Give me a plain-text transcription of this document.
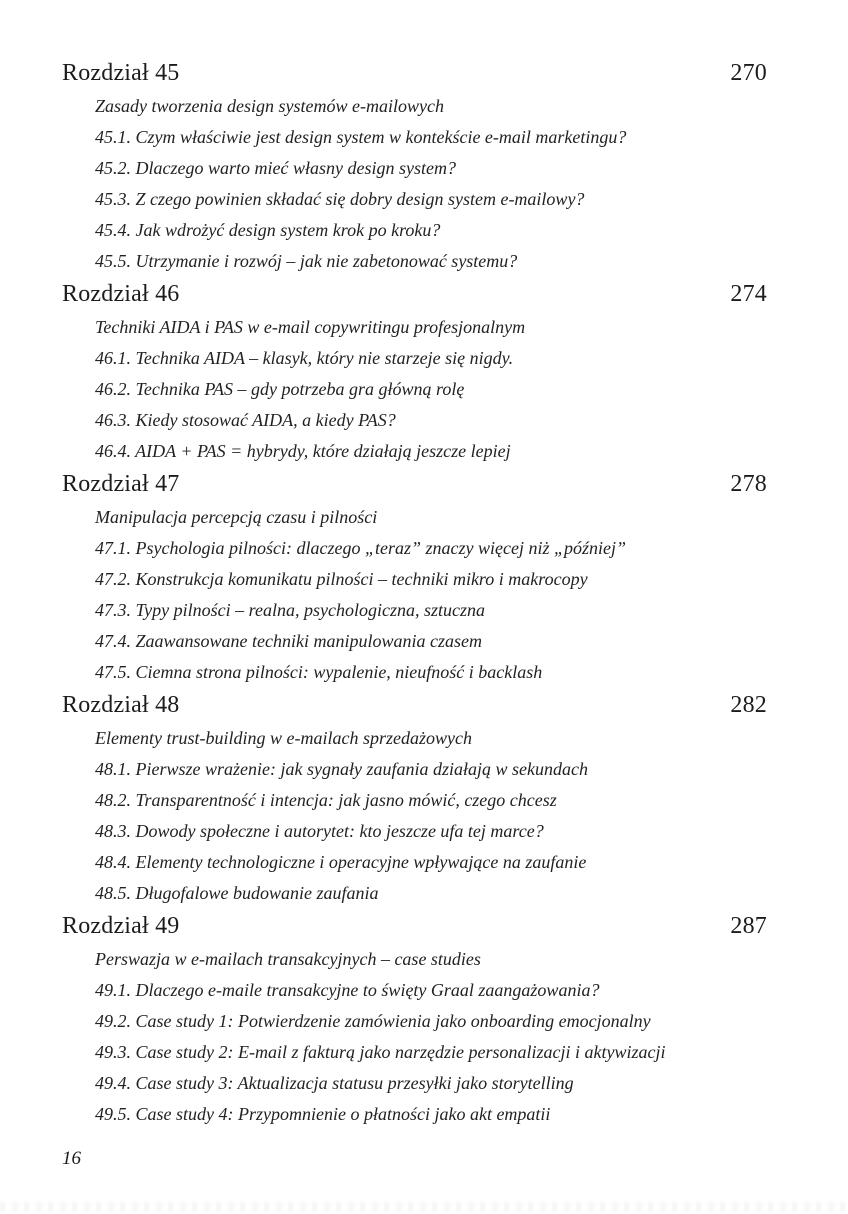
Rozdział 45	270
Zasady tworzenia design systemów e-mailowych
45.1. Czym właściwie jest design system w kontekście e-mail marketingu?
45.2. Dlaczego warto mieć własny design system?
45.3. Z czego powinien składać się dobry design system e-mailowy?
45.4. Jak wdrożyć design system krok po kroku?
45.5. Utrzymanie i rozwój – jak nie zabetonować systemu?
Rozdział 46	274
Techniki AIDA i PAS w e-mail copywritingu profesjonalnym
46.1. Technika AIDA – klasyk, który nie starzeje się nigdy.
46.2. Technika PAS – gdy potrzeba gra główną rolę
46.3. Kiedy stosować AIDA, a kiedy PAS?
46.4. AIDA + PAS = hybrydy, które działają jeszcze lepiej
Rozdział 47	278
Manipulacja percepcją czasu i pilności
47.1. Psychologia pilności: dlaczego „teraz” znaczy więcej niż „później”
47.2. Konstrukcja komunikatu pilności – techniki mikro i makrocopy
47.3. Typy pilności – realna, psychologiczna, sztuczna
47.4. Zaawansowane techniki manipulowania czasem
47.5. Ciemna strona pilności: wypalenie, nieufność i backlash
Rozdział 48	282
Elementy trust-building w e-mailach sprzedażowych
48.1. Pierwsze wrażenie: jak sygnały zaufania działają w sekundach
48.2. Transparentność i intencja: jak jasno mówić, czego chcesz
48.3. Dowody społeczne i autorytet: kto jeszcze ufa tej marce?
48.4. Elementy technologiczne i operacyjne wpływające na zaufanie
48.5. Długofalowe budowanie zaufania
Rozdział 49	287
Perswazja w e-mailach transakcyjnych – case studies
49.1. Dlaczego e-maile transakcyjne to święty Graal zaangażowania?
49.2. Case study 1: Potwierdzenie zamówienia jako onboarding emocjonalny
49.3. Case study 2: E-mail z fakturą jako narzędzie personalizacji i aktywizacji
49.4. Case study 3: Aktualizacja statusu przesyłki jako storytelling
49.5. Case study 4: Przypomnienie o płatności jako akt empatii
16
